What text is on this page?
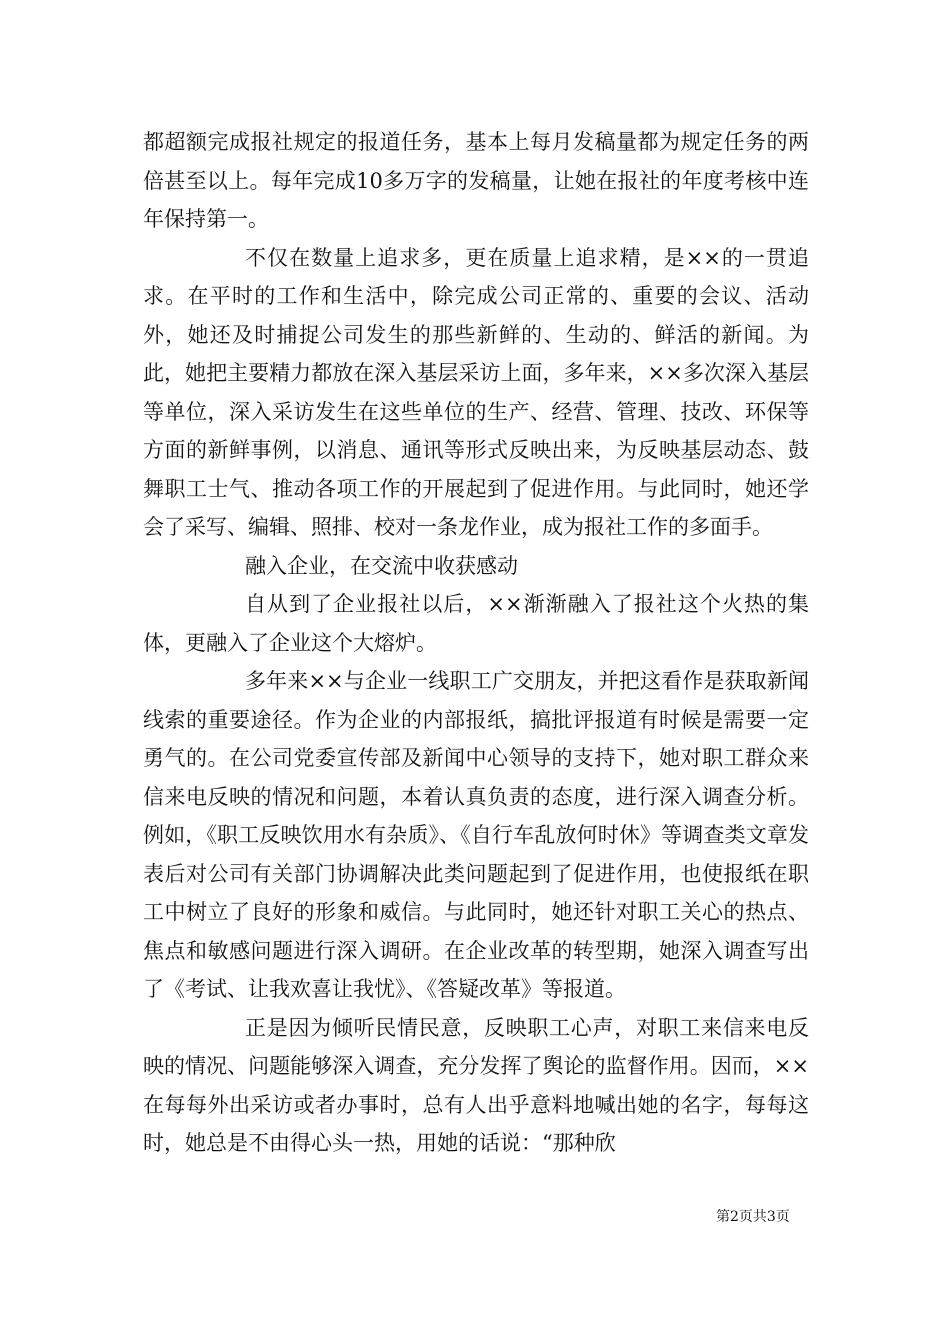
都超额完成报社规定的报道任务，基本上每月发稿量都为规定任务的两倍甚至以上。每年完成10多万字的发稿量，让她在报社的年度考核中连年保持第一。

不仅在数量上追求多，更在质量上追求精，是××的一贯追求。在平时的工作和生活中，除完成公司正常的、重要的会议、活动外，她还及时捕捉公司发生的那些新鲜的、生动的、鲜活的新闻。为此，她把主要精力都放在深入基层采访上面，多年来，××多次深入基层等单位，深入采访发生在这些单位的生产、经营、管理、技改、环保等方面的新鲜事例，以消息、通讯等形式反映出来，为反映基层动态、鼓舞职工士气、推动各项工作的开展起到了促进作用。与此同时，她还学会了采写、编辑、照排、校对一条龙作业，成为报社工作的多面手。

融入企业，在交流中收获感动

自从到了企业报社以后，××渐渐融入了报社这个火热的集体，更融入了企业这个大熔炉。

多年来××与企业一线职工广交朋友，并把这看作是获取新闻线索的重要途径。作为企业的内部报纸，搞批评报道有时候是需要一定勇气的。在公司党委宣传部及新闻中心领导的支持下，她对职工群众来信来电反映的情况和问题，本着认真负责的态度，进行深入调查分析。例如，《职工反映饮用水有杂质》、《自行车乱放何时休》等调查类文章发表后对公司有关部门协调解决此类问题起到了促进作用，也使报纸在职工中树立了良好的形象和威信。与此同时，她还针对职工关心的热点、焦点和敏感问题进行深入调研。在企业改革的转型期，她深入调查写出了《考试、让我欢喜让我忧》、《答疑改革》等报道。

正是因为倾听民情民意，反映职工心声，对职工来信来电反映的情况、问题能够深入调查，充分发挥了舆论的监督作用。因而，××在每每外出采访或者办事时，总有人出乎意料地喊出她的名字，每每这时，她总是不由得心头一热，用她的话说：“那种欣

第2页共3页
